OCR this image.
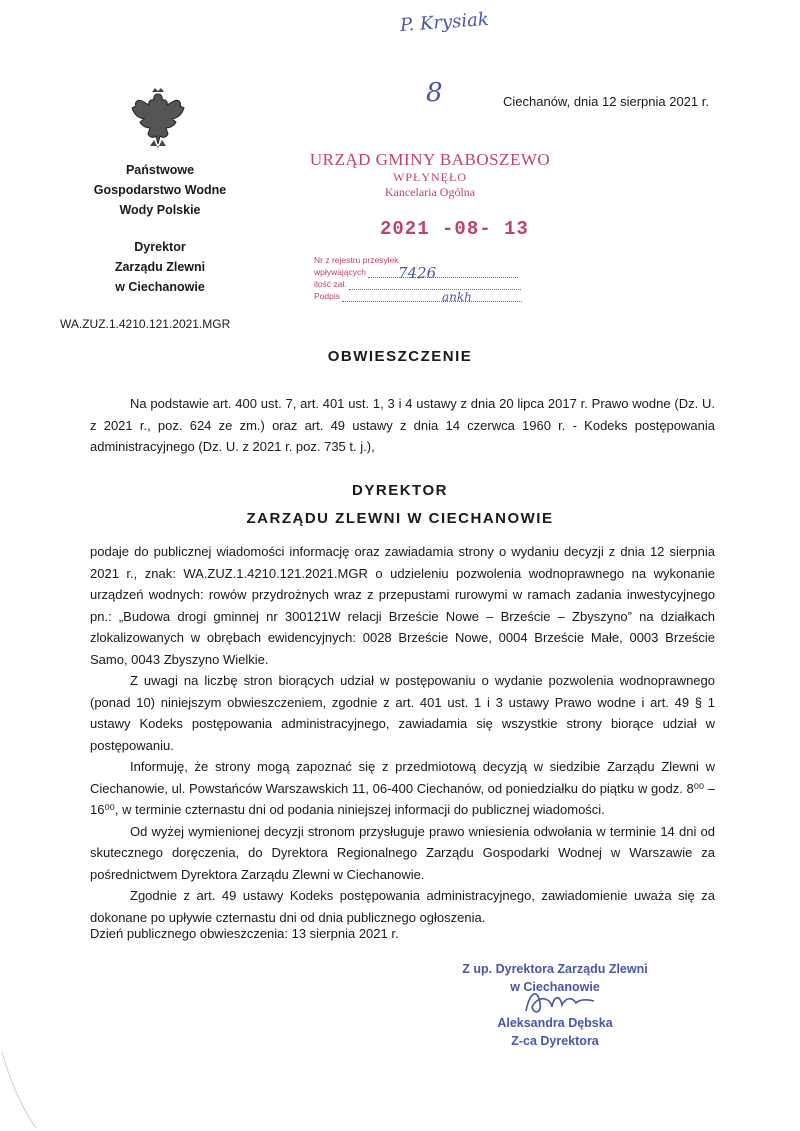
P. Krysiak
8	Ciechanów, dnia 12 sierpnia 2021 r.
Państwowe
Gospodarstwo Wodne
Wody Polskie
Dyrektor
Zarządu Zlewni
w Ciechanowie
WA.ZUZ.1.4210.121.2021.MGR
URZĄD GMINY BABOSZEWO
WPŁYNĘŁO
Kancelaria Ogólna
2021 -08- 13
Nr z rejestru przesyłek
wpływających 7426
ilość zał.
Podpis	ankh
OBWIESZCZENIE
Na podstawie art. 400 ust. 7, art. 401 ust. 1, 3 i 4 ustawy z dnia 20 lipca 2017 r. Prawo wodne (Dz. U. z 2021 r., poz. 624 ze zm.) oraz art. 49 ustawy z dnia 14 czerwca 1960 r. - Kodeks postępowania administracyjnego (Dz. U. z 2021 r. poz. 735 t. j.),
DYREKTOR
ZARZĄDU ZLEWNI W CIECHANOWIE

podaje do publicznej wiadomości informację oraz zawiadamia strony o wydaniu decyzji z dnia 12 sierpnia 2021 r., znak: WA.ZUZ.1.4210.121.2021.MGR o udzieleniu pozwolenia wodnoprawnego na wykonanie urządzeń wodnych: rowów przydrożnych wraz z przepustami rurowymi w ramach zadania inwestycyjnego pn.: „Budowa drogi gminnej nr 300121W relacji Brzeście Nowe – Brzeście – Zbyszyno” na działkach zlokalizowanych w obrębach ewidencyjnych: 0028 Brzeście Nowe, 0004 Brzeście Małe, 0003 Brzeście Samo, 0043 Zbyszyno Wielkie.

Z uwagi na liczbę stron biorących udział w postępowaniu o wydanie pozwolenia wodnoprawnego (ponad 10) niniejszym obwieszczeniem, zgodnie z art. 401 ust. 1 i 3 ustawy Prawo wodne i art. 49 § 1 ustawy Kodeks postępowania administracyjnego, zawiadamia się wszystkie strony biorące udział w postępowaniu.

Informuję, że strony mogą zapoznać się z przedmiotową decyzją w siedzibie Zarządu Zlewni w Ciechanowie, ul. Powstańców Warszawskich 11, 06-400 Ciechanów, od poniedziałku do piątku w godz. 8⁰⁰ – 16⁰⁰, w terminie czternastu dni od podania niniejszej informacji do publicznej wiadomości.

Od wyżej wymienionej decyzji stronom przysługuje prawo wniesienia odwołania w terminie 14 dni od skutecznego doręczenia, do Dyrektora Regionalnego Zarządu Gospodarki Wodnej w Warszawie za pośrednictwem Dyrektora Zarządu Zlewni w Ciechanowie.

Zgodnie z art. 49 ustawy Kodeks postępowania administracyjnego, zawiadomienie uważa się za dokonane po upływie czternastu dni od dnia publicznego ogłoszenia.

Dzień publicznego obwieszczenia: 13 sierpnia 2021 r.
Z up. Dyrektora Zarządu Zlewni
w Ciechanowie
Aleksandra Dębska
Z-ca Dyrektora
